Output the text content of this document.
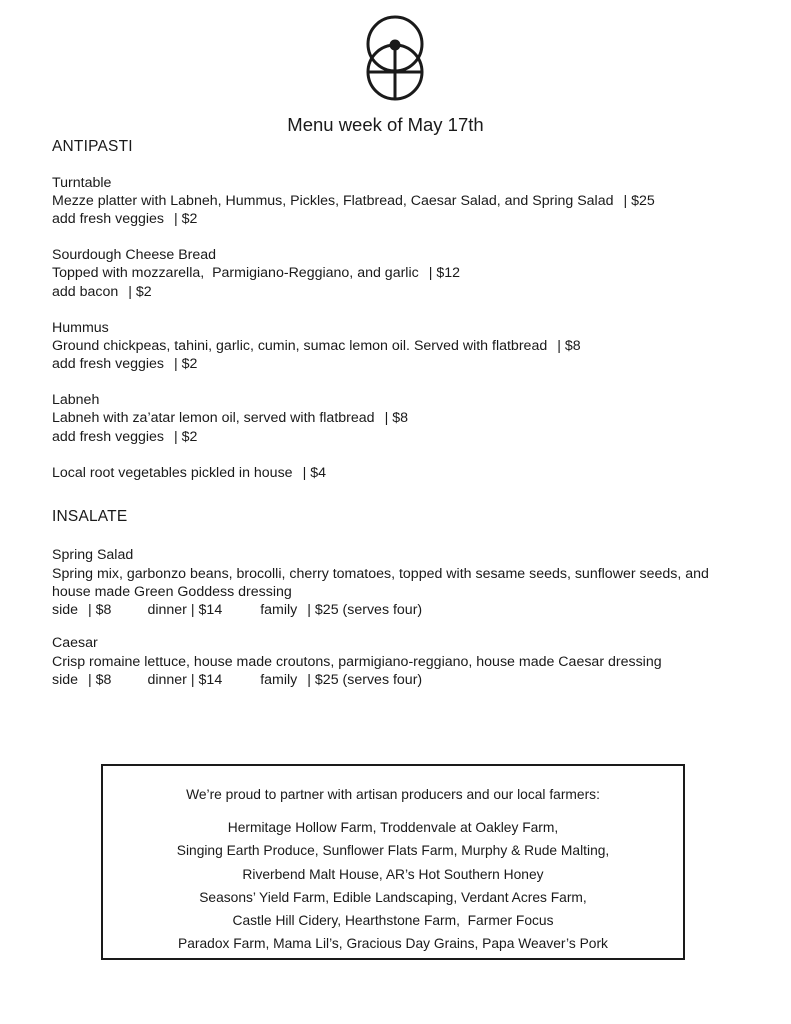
Menu week of May 17th
ANTIPASTI
Turntable
Mezze platter with Labneh, Hummus, Pickles, Flatbread, Caesar Salad, and Spring Salad | $25
add fresh veggies | $2
Sourdough Cheese Bread
Topped with mozzarella,  Parmigiano-Reggiano, and garlic | $12
add bacon | $2
Hummus
Ground chickpeas, tahini, garlic, cumin, sumac lemon oil. Served with flatbread | $8
add fresh veggies | $2
Labneh
Labneh with za’atar lemon oil, served with flatbread | $8
add fresh veggies | $2
Local root vegetables pickled in house | $4
INSALATE
Spring Salad
Spring mix, garbonzo beans, brocolli, cherry tomatoes, topped with sesame seeds, sunflower seeds, and house made Green Goddess dressing
side | $8	dinner | $14	family | $25 (serves four)
Caesar
Crisp romaine lettuce, house made croutons, parmigiano-reggiano, house made Caesar dressing
side | $8	dinner | $14	family | $25 (serves four)
We’re proud to partner with artisan producers and our local farmers:
Hermitage Hollow Farm, Troddenvale at Oakley Farm,
Singing Earth Produce, Sunflower Flats Farm, Murphy & Rude Malting,
Riverbend Malt House, AR’s Hot Southern Honey
Seasons’ Yield Farm, Edible Landscaping, Verdant Acres Farm,
Castle Hill Cidery, Hearthstone Farm,  Farmer Focus
Paradox Farm, Mama Lil’s, Gracious Day Grains, Papa Weaver’s Pork
